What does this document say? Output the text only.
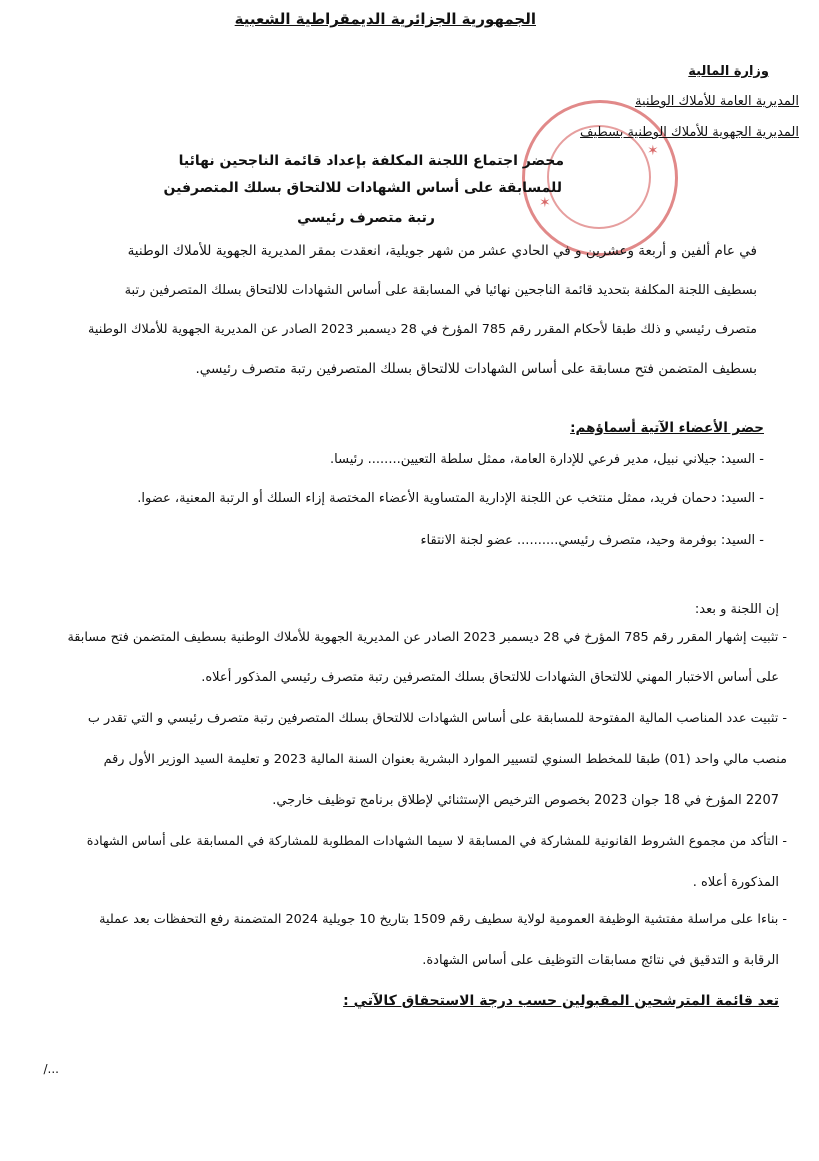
✶
✶
الجمهورية الجزائرية الديمقراطية الشعبية
وزارة المالية
المديرية العامة للأملاك الوطنية
المديرية الجهوية للأملاك الوطنية بسطيف
محضر اجتماع اللجنة المكلفة بإعداد قائمة الناجحين نهائيا
للمسابقة على أساس الشهادات للالتحاق بسلك المتصرفين
رتبة متصرف رئيسي
في عام ألفين و أربعة وعشرين و في الحادي عشر من شهر جويلية، انعقدت بمقر المديرية الجهوية للأملاك الوطنية
بسطيف اللجنة المكلفة بتحديد قائمة الناجحين نهائيا في المسابقة على أساس الشهادات للالتحاق بسلك المتصرفين رتبة
متصرف رئيسي و ذلك طبقا لأحكام المقرر رقم 785 المؤرخ في 28 ديسمبر 2023 الصادر عن المديرية الجهوية للأملاك الوطنية
بسطيف المتضمن فتح مسابقة على أساس الشهادات للالتحاق بسلك المتصرفين رتبة متصرف رئيسي.
حضر الأعضاء الآتية أسماؤهم:
- السيد: جيلاني نبيل، مدير فرعي للإدارة العامة، ممثل سلطة التعيين........ رئيسا.
- السيد: دحمان فريد، ممثل منتخب عن اللجنة الإدارية المتساوية الأعضاء المختصة إزاء السلك أو الرتبة المعنية، عضوا.
- السيد: بوفرمة وحيد، متصرف رئيسي.......... عضو لجنة الانتقاء
إن اللجنة و بعد:
- تثبيت إشهار المقرر رقم 785 المؤرخ في 28 ديسمبر 2023 الصادر عن المديرية الجهوية للأملاك الوطنية بسطيف المتضمن فتح مسابقة
على أساس الاختبار المهني للالتحاق الشهادات للالتحاق بسلك المتصرفين رتبة متصرف رئيسي المذكور أعلاه.
- تثبيت عدد المناصب المالية المفتوحة للمسابقة على أساس الشهادات للالتحاق بسلك المتصرفين رتبة متصرف رئيسي و التي تقدر ب
منصب مالي واحد (01) طبقا للمخطط السنوي لتسيير الموارد البشرية بعنوان السنة المالية 2023 و تعليمة السيد الوزير الأول رقم
2207 المؤرخ في 18 جوان 2023 بخصوص الترخيص الإستثنائي لإطلاق برنامج توظيف خارجي.
- التأكد من مجموع الشروط القانونية للمشاركة في المسابقة لا سيما الشهادات المطلوبة للمشاركة في المسابقة على أساس الشهادة
المذكورة أعلاه .
- بناءا على مراسلة مفتشية الوظيفة العمومية لولاية سطيف رقم 1509 بتاريخ 10 جويلية 2024 المتضمنة رفع التحفظات بعد عملية
الرقابة و التدقيق في نتائج مسابقات التوظيف على أساس الشهادة.
تعد قائمة المترشحين المقبولين حسب درجة الاستحقاق كالآتي :
/...
